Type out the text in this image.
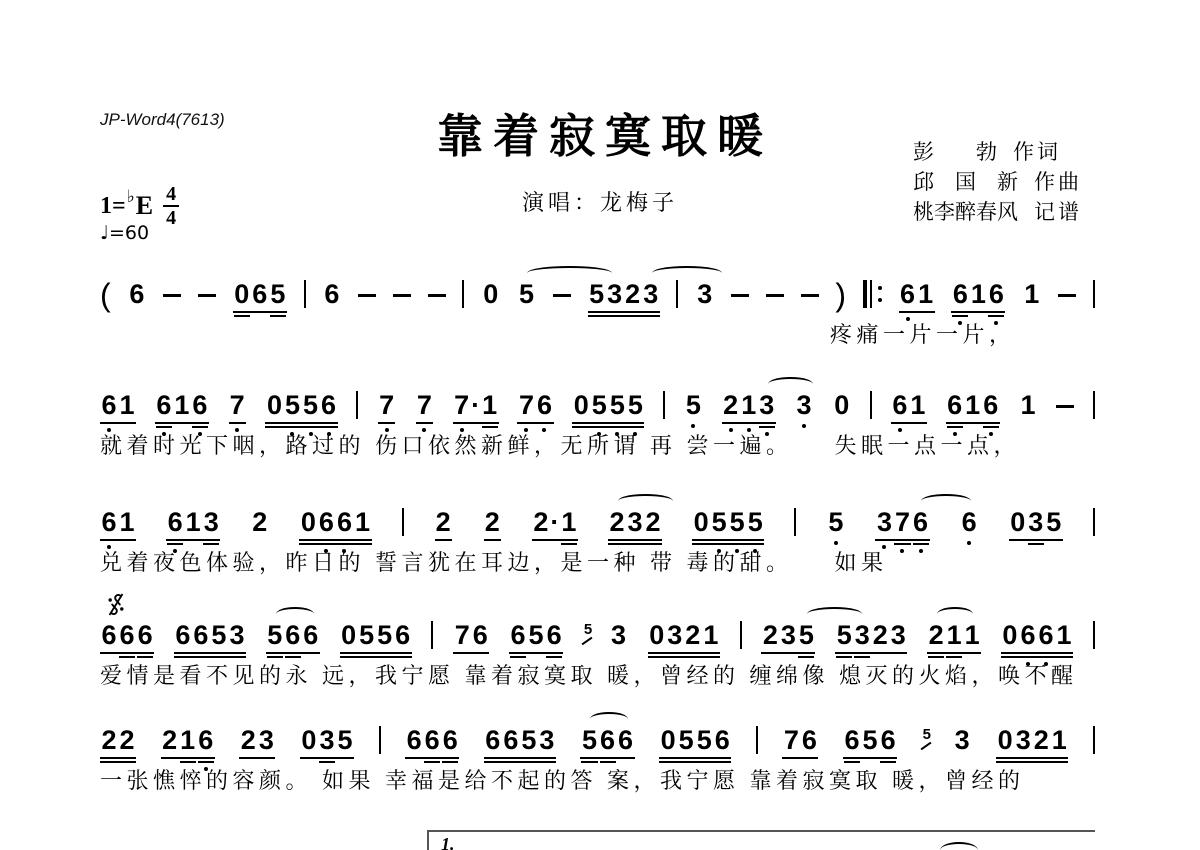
JP-Word4(7613)	靠着寂寞取暖
演唱：龙梅子
彭　　勃 作词
邱　国　新 作曲
桃李醉春风 记谱
1= ♭ E 4
4
♩=60
( 6	0 6 5 6	0 5 5 3 2 3 3	) 6 1 6 1 6 1
疼痛一片一片，
6 1 6 1 6 7 0 5 5 6 7 7 7 · 1 7 6 0 5 5 5 5 2 1 3 3 0 6 1 6 1 6 1
就着时光下咽，路过的 伤口依然新鲜，无所谓 再 尝一遍。　　失眠一点一点，
6 1 6 1 3 2 0 6 6 1 2 2 2 · 1 2 3 2 0 5 5 5 5 3 7 6 6 0 3 5
兑着夜色体验，昨日的 誓言犹在耳边，是一种 带 毒的甜。　　如果
6 6 6 6 6 5 3 5 6 6 0 5 5 6 7 6 6 5 6 5 3 0 3 2 1 2 3 5 5 3 2 3 2 1 1 0 6 6 1
爱情是看不见的永 远，我宁愿 靠着寂寞取 暖，曾经的 缠绵像 熄灭的火焰，唤不醒
2 2 2 1 6 2 3 0 3 5 6 6 6 6 6 5 3 5 6 6 0 5 5 6 7 6 6 5 6 5 3 0 3 2 1
一张憔悴的容颜。 如果 幸福是给不起的答 案，我宁愿 靠着寂寞取 暖，曾经的
1.
